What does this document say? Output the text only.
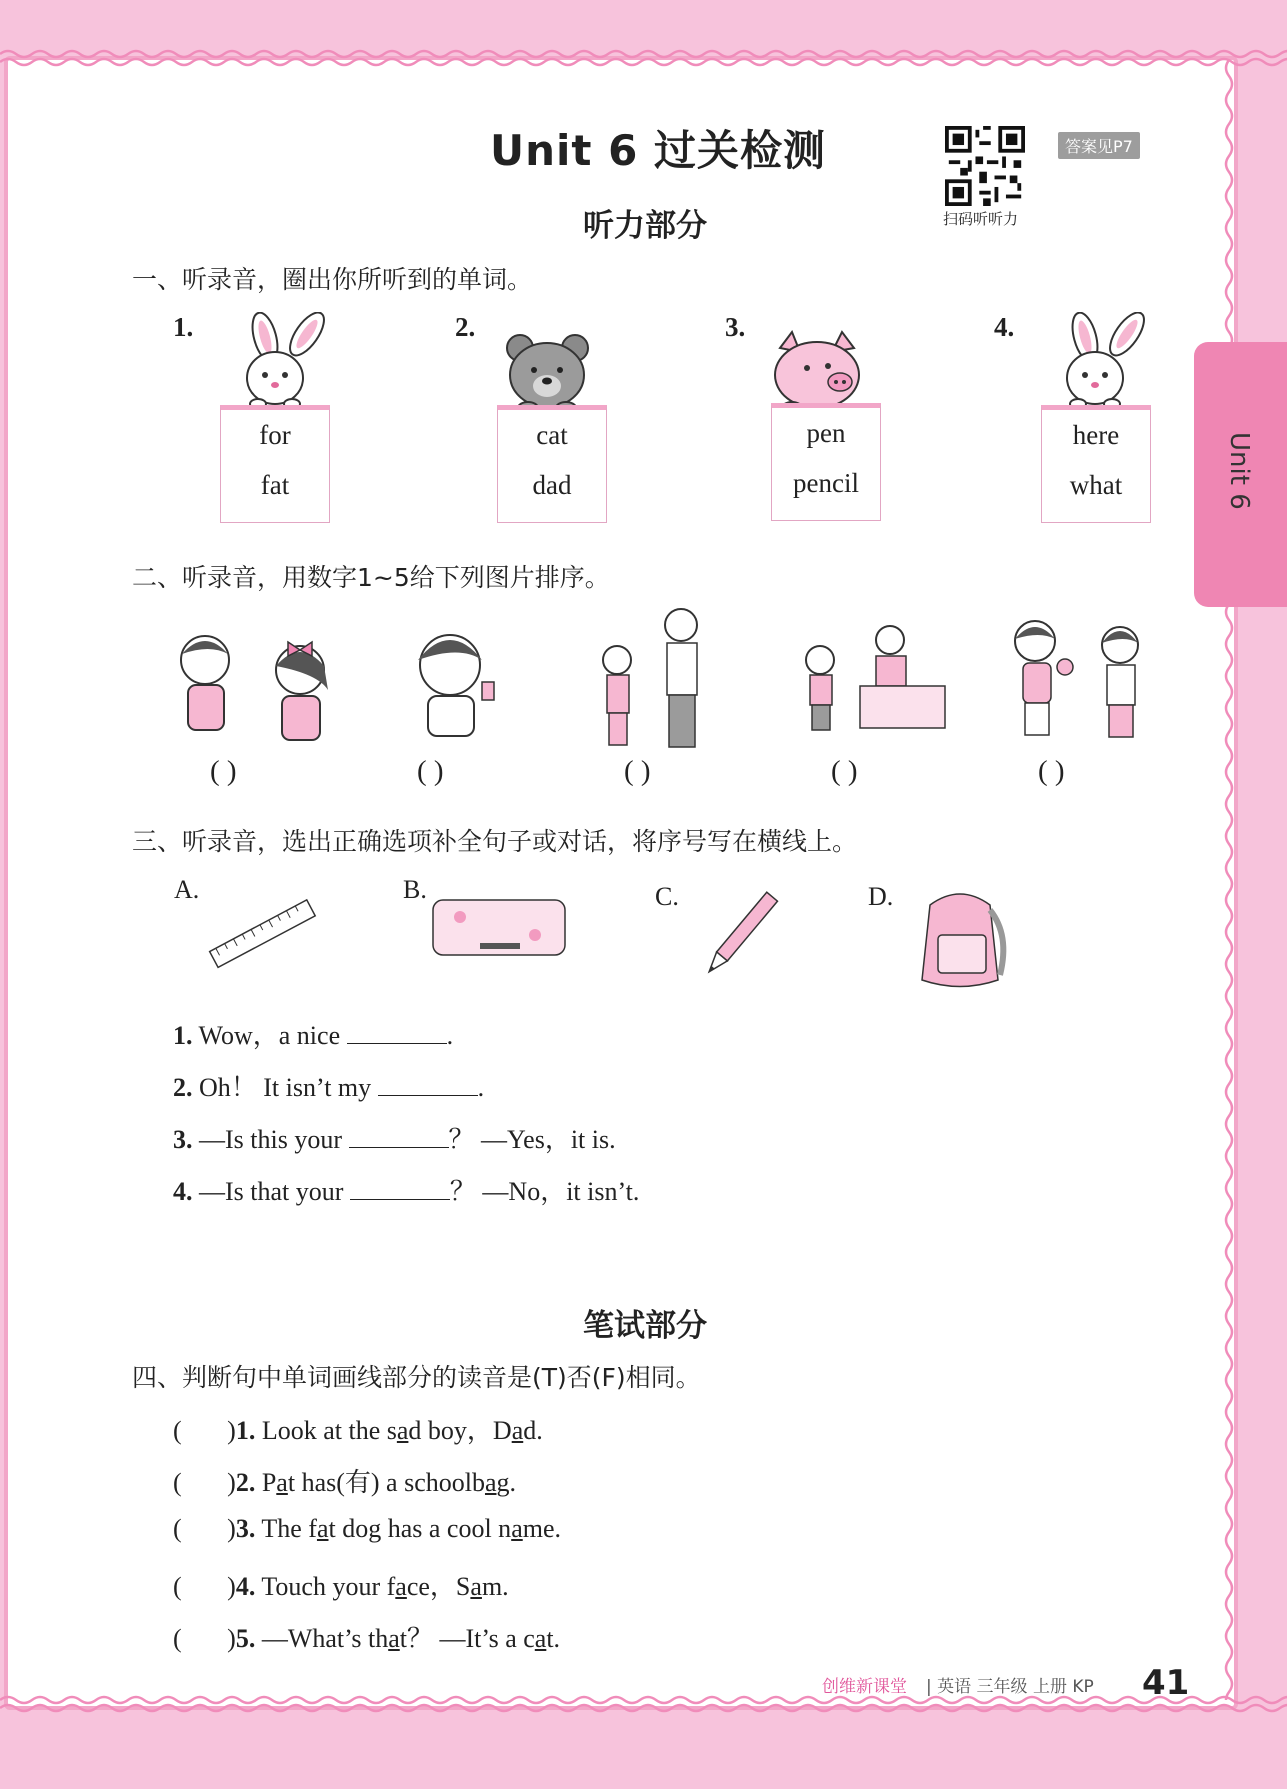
Unit 6 过关检测
扫码听听力
答案见P7
Unit 6
听力部分
一、听录音，圈出你所听到的单词。
1.	2.	3.	4.
for
fat
cat
dad
pen
pencil
here
what
二、听录音，用数字1~5给下列图片排序。
( )	( )	( )	( )	( )
三、听录音，选出正确选项补全句子或对话，将序号写在横线上。
A.	B.	C.	D.
1. Wow，a nice	.
2. Oh！ It isn’t my	.
3. —Is this your	？ —Yes，it is.
4. —Is that your	？ —No，it isn’t.
笔试部分
四、判断句中单词画线部分的读音是(T)否(F)相同。
(       )1. Look at the sad boy，Dad.
(       )2. Pat has(有) a schoolbag.
(       )3. The fat dog has a cool name.
(       )4. Touch your face，Sam.
(       )5. —What’s that？ —It’s a cat.
创维新课堂 | 英语 三年级 上册 KP 41
